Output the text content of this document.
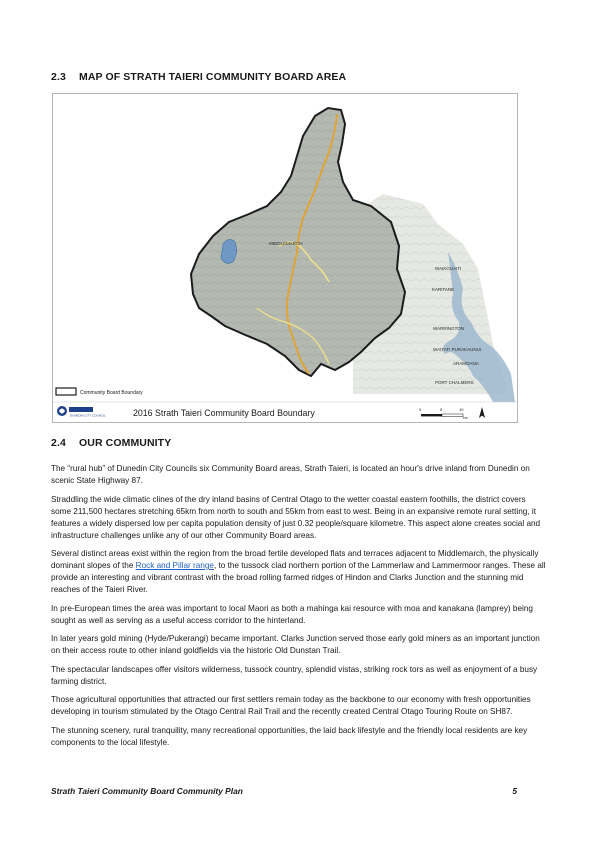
2.3 MAP OF STRATH TAIERI COMMUNITY BOARD AREA
MIDDLEMARCH
WAIKOUAITI
KARITANE
WARRINGTON
WAITATI PURAKAUNUI
ARAMOANA
PORT CHALMERS
Community Board Boundary
DUNEDIN CITY COUNCIL	2016 Strath Taieri Community Board Boundary	0	5	10
km
2.4 OUR COMMUNITY

The “rural hub” of Dunedin City Councils six Community Board areas, Strath Taieri, is located an hour's drive inland from Dunedin on scenic State Highway 87.

Straddling the wide climatic clines of the dry inland basins of Central Otago to the wetter coastal eastern foothills, the district covers some 211,500 hectares stretching 65km from north to south and 55km from east to west. Being in an expansive remote rural setting, it features a widely dispersed low per capita population density of just 0.32 people/square kilometre. This aspect alone creates social and infrastructure challenges unlike any of our other Community Board areas.

Several distinct areas exist within the region from the broad fertile developed flats and terraces adjacent to Middlemarch, the physically dominant slopes of the Rock and Pillar range, to the tussock clad northern portion of the Lammerlaw and Lammermoor ranges. These all provide an interesting and vibrant contrast with the broad rolling farmed ridges of Hindon and Clarks Junction and the stunning mid reaches of the Taieri River.

In pre-European times the area was important to local Maori as both a mahinga kai resource with moa and kanakana (lamprey) being sought as well as serving as a useful access corridor to the hinterland.

In later years gold mining (Hyde/Pukerangi) became important. Clarks Junction served those early gold miners as an important junction on their access route to other inland goldfields via the historic Old Dunstan Trail.

The spectacular landscapes offer visitors wilderness, tussock country, splendid vistas, striking rock tors as well as enjoyment of a busy farming district.

Those agricultural opportunities that attracted our first settlers remain today as the backbone to our economy with fresh opportunities developing in tourism stimulated by the Otago Central Rail Trail and the recently created Central Otago Touring Route on SH87.

The stunning scenery, rural tranquility, many recreational opportunities, the laid back lifestyle and the friendly local residents are key components to the local lifestyle.

Strath Taieri Community Board Community Plan	5
